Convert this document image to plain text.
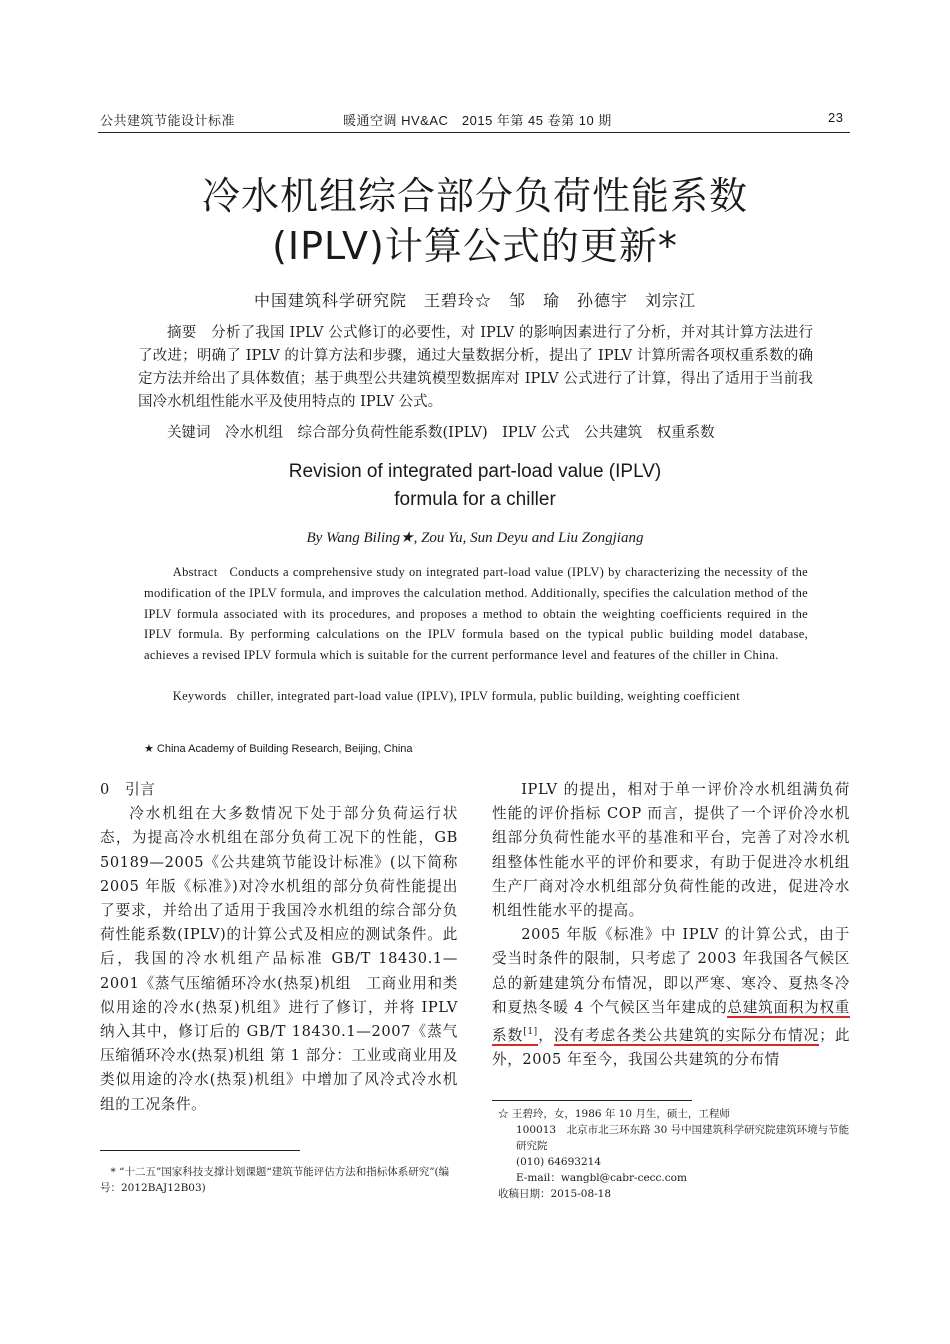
公共建筑节能设计标准	暖通空调 HV&AC　2015 年第 45 卷第 10 期	23
冷水机组综合部分负荷性能系数
(IPLV)计算公式的更新*
中国建筑科学研究院　王碧玲☆　邹　瑜　孙德宇　刘宗江
摘要　 分析了我国 IPLV 公式修订的必要性，对 IPLV 的影响因素进行了分析，并对其计算方法进行了改进；明确了 IPLV 的计算方法和步骤，通过大量数据分析，提出了 IPLV 计算所需各项权重系数的确定方法并给出了具体数值；基于典型公共建筑模型数据库对 IPLV 公式进行了计算，得出了适用于当前我国冷水机组性能水平及使用特点的 IPLV 公式。
关键词　 冷水机组　综合部分负荷性能系数(IPLV)　IPLV 公式　公共建筑　权重系数
Revision of integrated part-load value (IPLV)
formula for a chiller
By Wang Biling★, Zou Yu, Sun Deyu and Liu Zongjiang
Abstract Conducts a comprehensive study on integrated part-load value (IPLV) by characterizing the necessity of the modification of the IPLV formula, and improves the calculation method. Additionally, specifies the calculation method of the IPLV formula associated with its procedures, and proposes a method to obtain the weighting coefficients required in the IPLV formula. By performing calculations on the IPLV formula based on the typical public building model database, achieves a revised IPLV formula which is suitable for the current performance level and features of the chiller in China.
Keywords chiller, integrated part-load value (IPLV), IPLV formula, public building, weighting coefficient
★ China Academy of Building Research, Beijing, China

0　引言

冷水机组在大多数情况下处于部分负荷运行状态，为提高冷水机组在部分负荷工况下的性能，GB 50189—2005《公共建筑节能设计标准》(以下简称 2005 年版《标准》)对冷水机组的部分负荷性能提出了要求，并给出了适用于我国冷水机组的综合部分负荷性能系数(IPLV)的计算公式及相应的测试条件。此后，我国的冷水机组产品标准 GB/T 18430.1—2001《蒸气压缩循环冷水(热泵)机组　工商业用和类似用途的冷水(热泵)机组》进行了修订，并将 IPLV 纳入其中，修订后的 GB/T 18430.1—2007《蒸气压缩循环冷水(热泵)机组 第 1 部分：工业或商业用及类似用途的冷水(热泵)机组》中增加了风冷式冷水机组的工况条件。

* “十二五”国家科技支撑计划课题“建筑节能评估方法和指标体系研究”(编号：2012BAJ12B03)

IPLV 的提出，相对于单一评价冷水机组满负荷性能的评价指标 COP 而言，提供了一个评价冷水机组部分负荷性能水平的基准和平台，完善了对冷水机组整体性能水平的评价和要求，有助于促进冷水机组生产厂商对冷水机组部分负荷性能的改进，促进冷水机组性能水平的提高。

2005 年版《标准》中 IPLV 的计算公式，由于受当时条件的限制，只考虑了 2003 年我国各气候区总的新建建筑分布情况，即以严寒、寒冷、夏热冬冷和夏热冬暖 4 个气候区当年建成的总建筑面积为权重系数[1]，没有考虑各类公共建筑的实际分布情况；此外，2005 年至今，我国公共建筑的分布情

☆ 王碧玲，女，1986 年 10 月生，硕士，工程师
100013　北京市北三环东路 30 号中国建筑科学研究院建筑环境与节能研究院
(010) 64693214
E-mail：wangbl@cabr-cecc.com
收稿日期：2015-08-18
